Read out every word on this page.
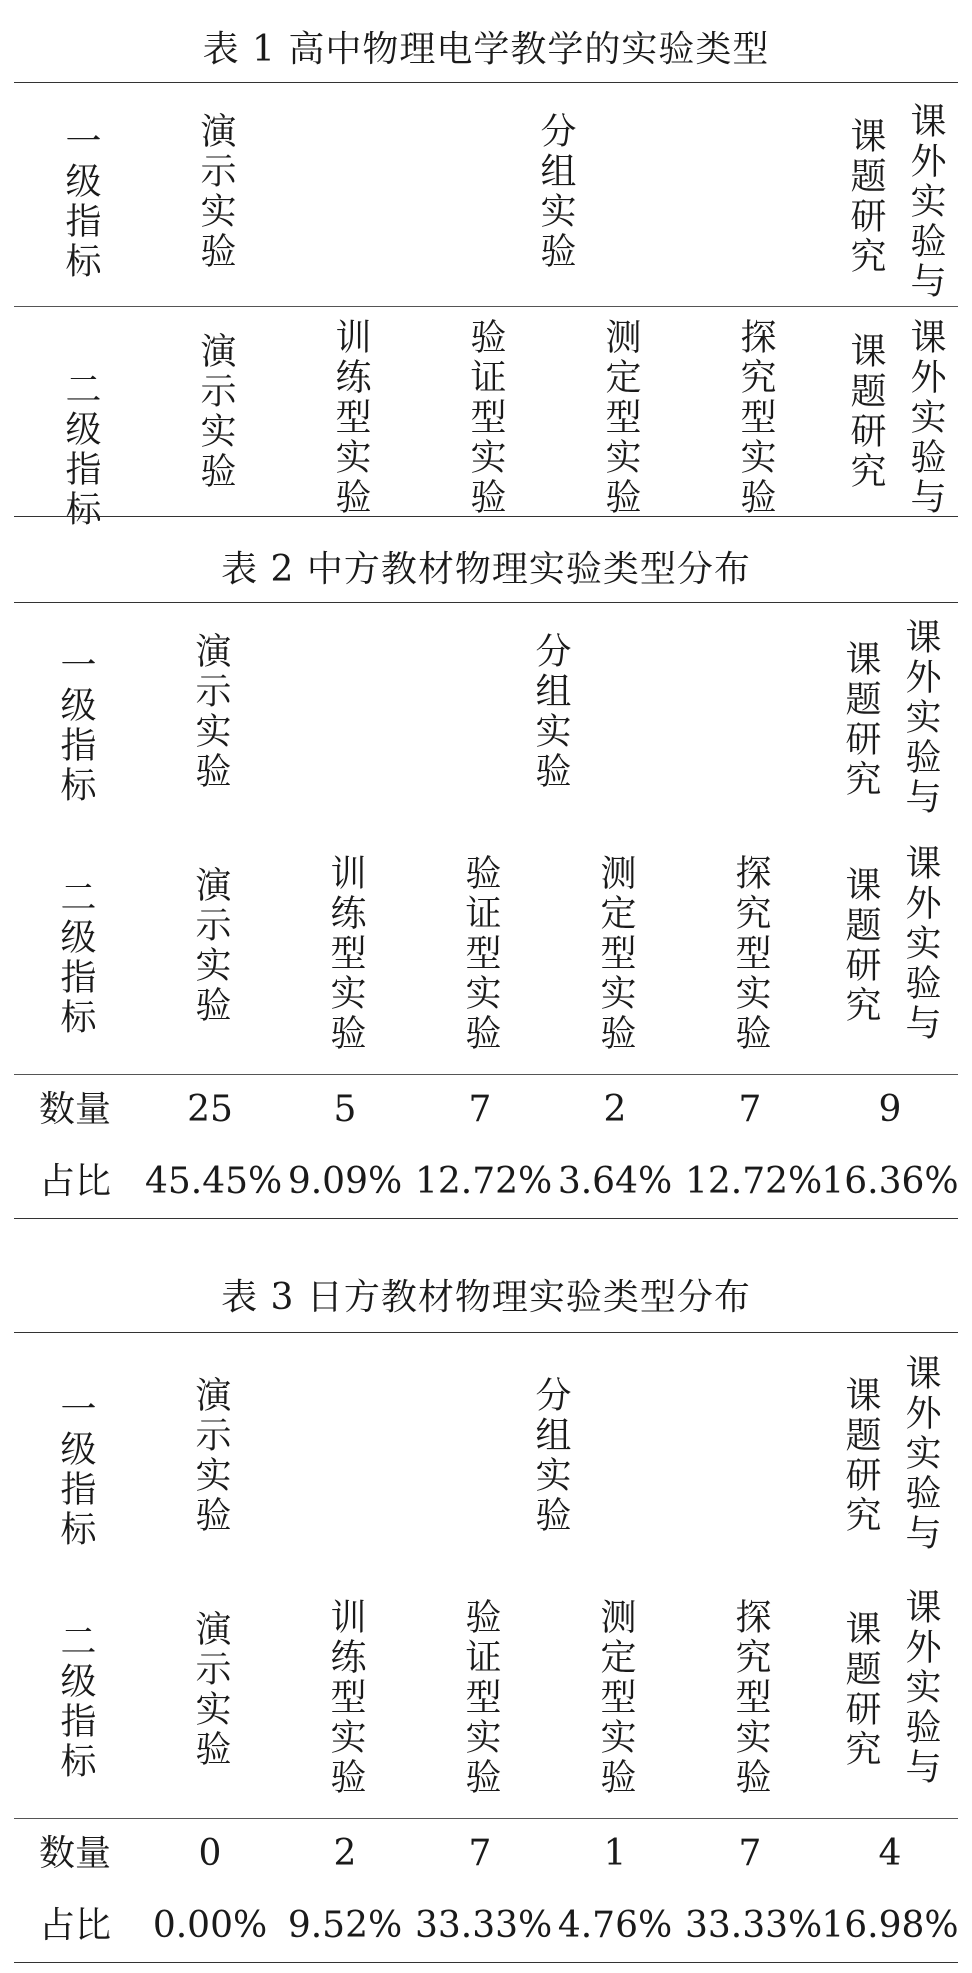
表 1 高中物理电学教学的实验类型
一级指标	演示实验	分组实验	课题研究 课外实验与
二级指标	演示实验	训练型实验	验证型实验	测定型实验	探究型实验 课题研究 课外实验与
表 2 中方教材物理实验类型分布
一级指标	演示实验	分组实验	课题研究 课外实验与
二级指标	演示实验	训练型实验	验证型实验	测定型实验	探究型实验 课题研究 课外实验与
数量	25	5	7	2	7	9
占比 45.45% 9.09% 12.72% 3.64% 12.72% 16.36%
表 3 日方教材物理实验类型分布
一级指标	演示实验	分组实验	课题研究 课外实验与
二级指标	演示实验	训练型实验	验证型实验	测定型实验	探究型实验 课题研究 课外实验与
数量	0	2	7	1	7	4
占比	0.00% 9.52% 33.33% 4.76% 33.33% 16.98%
